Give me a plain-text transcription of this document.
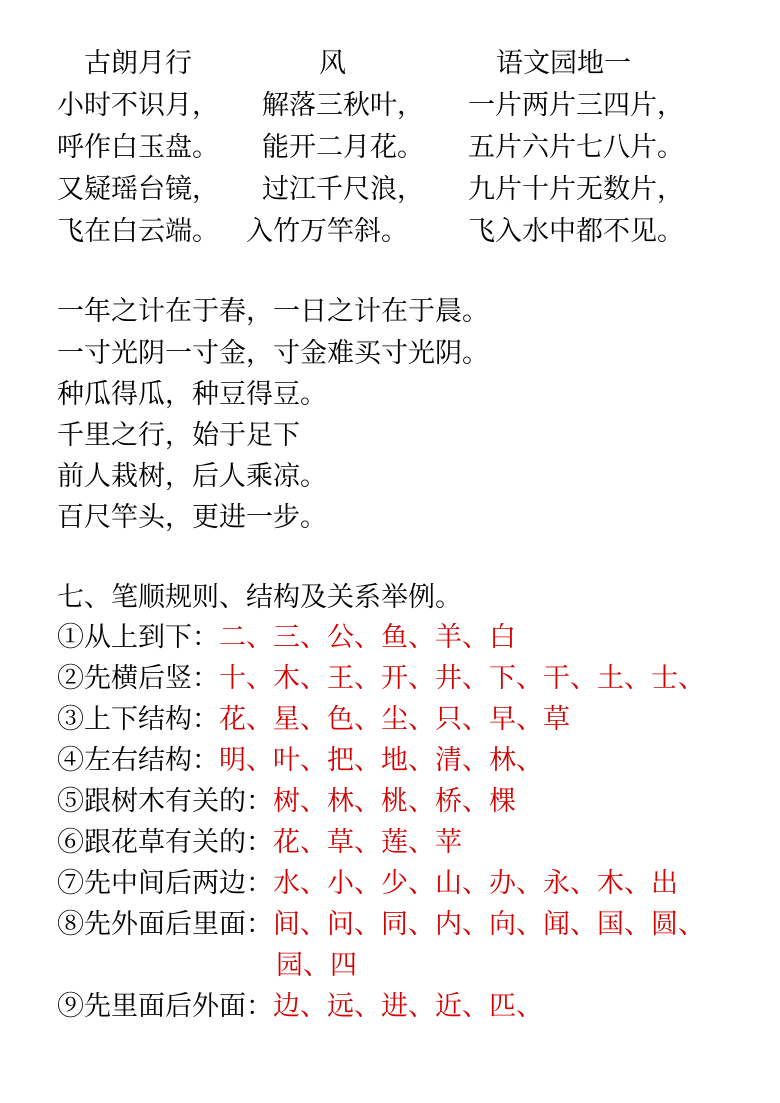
古朗月行	风	语文园地一
小时不识月，
呼作白玉盘。
又疑瑶台镜，
飞在白云端。
解落三秋叶，
能开二月花。
过江千尺浪，
入竹万竿斜。
一片两片三四片，
五片六片七八片。
九片十片无数片，
飞入水中都不见。
一年之计在于春，一日之计在于晨。
一寸光阴一寸金，寸金难买寸光阴。
种瓜得瓜，种豆得豆。
千里之行，始于足下
前人栽树，后人乘凉。
百尺竿头，更进一步。
七、笔顺规则、结构及关系举例。
①从上到下：二、三、公、鱼、羊、白
②先横后竖：十、木、王、开、井、下、干、土、士、
③上下结构：花、星、色、尘、只、早、草
④左右结构：明、叶、把、地、清、林、
⑤跟树木有关的：树、林、桃、桥、棵
⑥跟花草有关的：花、草、莲、苹
⑦先中间后两边：水、小、少、山、办、永、木、出
⑧先外面后里面：间、问、同、内、向、闻、国、圆、
园、四
⑨先里面后外面：边、远、进、近、匹、
